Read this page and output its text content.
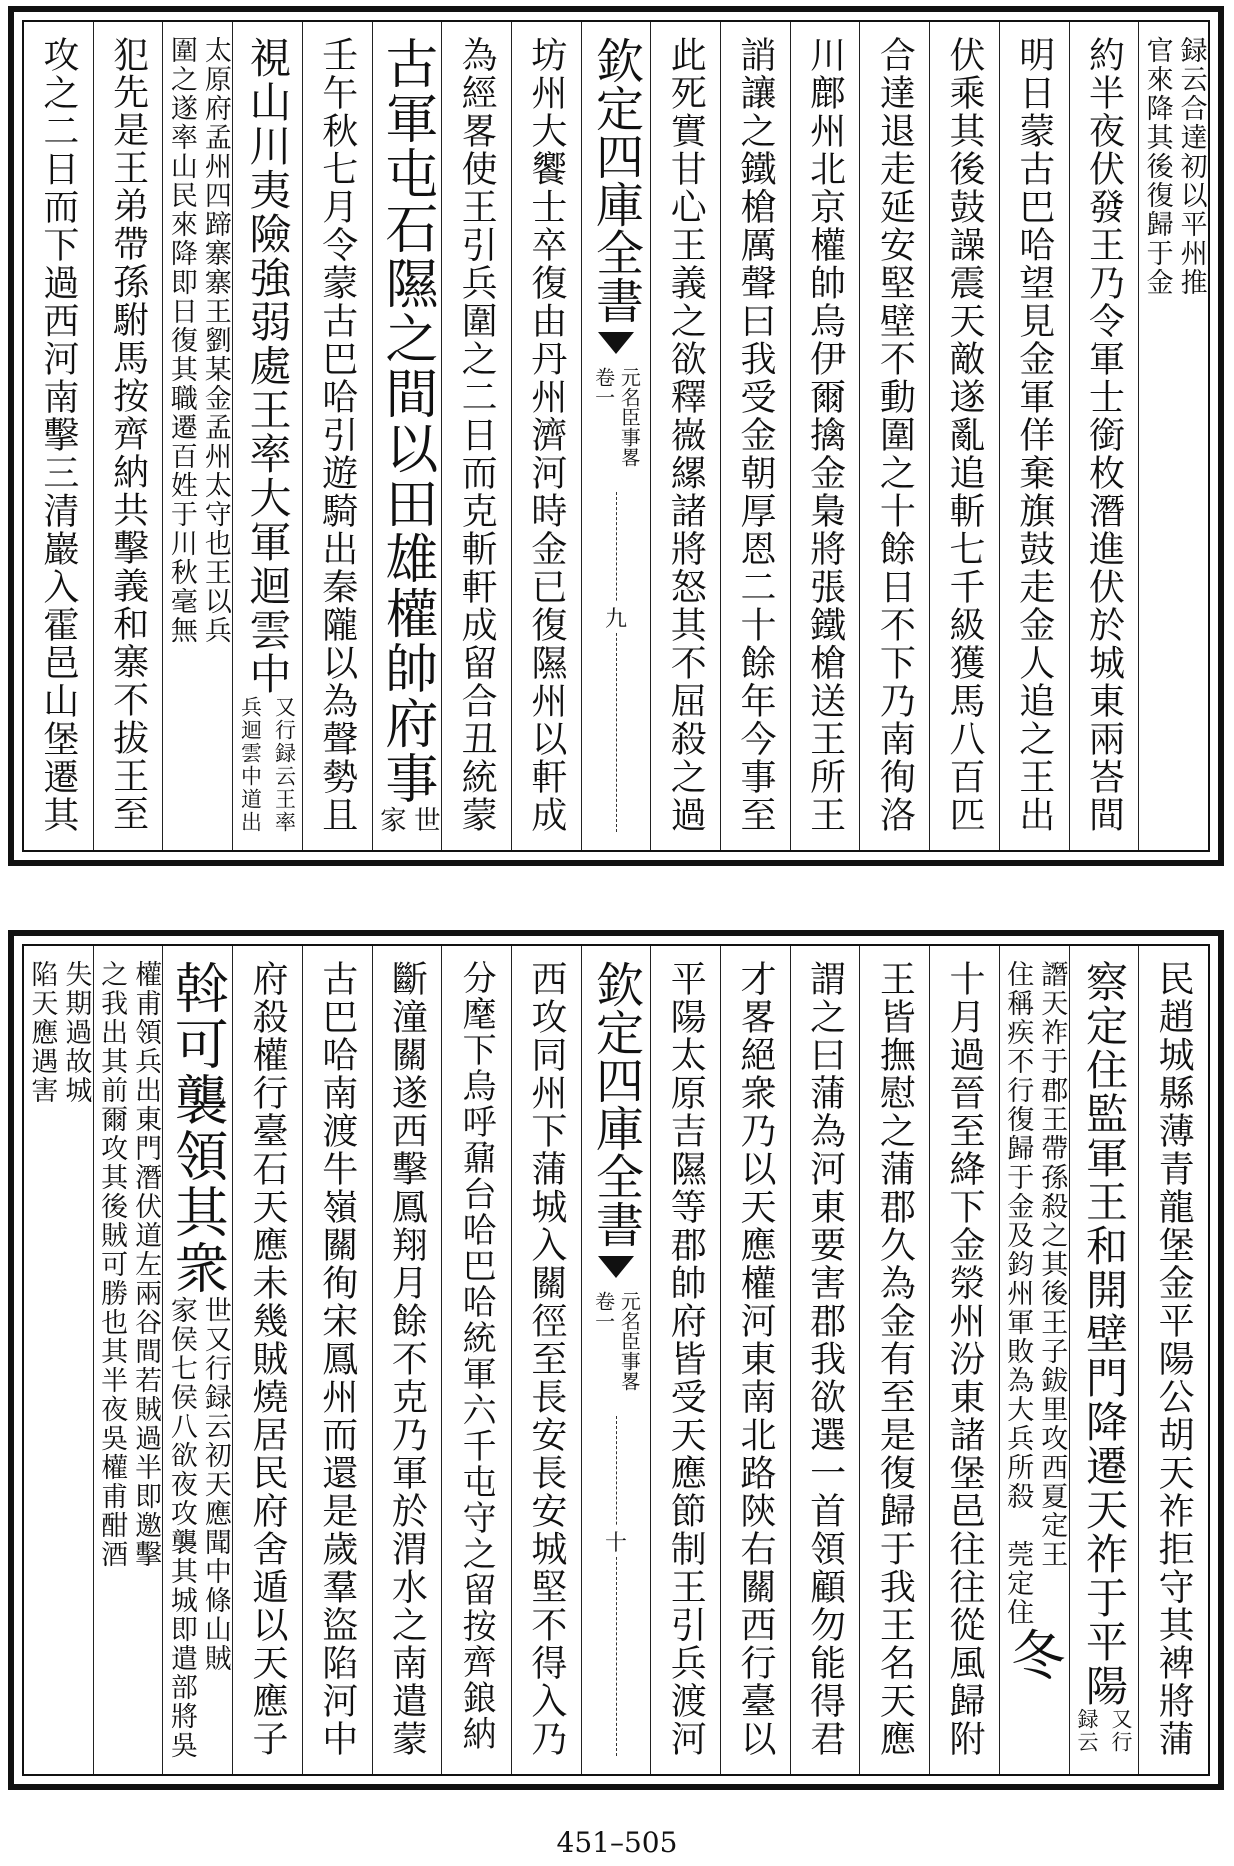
録云合達初以平州推
官來降其後復歸于金
約半夜伏發王乃令軍士銜枚潛進伏於城東兩峇間
明日蒙古巴哈望見金軍佯棄旗鼓走金人追之王出
伏乘其後鼓譟震天敵遂亂追斬七千級獲馬八百匹
合達退走延安堅壁不動圍之十餘日不下乃南徇洛
川鄜州北京權帥烏伊爾擒金梟將張鐵槍送王所王
誚讓之鐵槍厲聲曰我受金朝厚恩二十餘年今事至
此死實甘心王義之欲釋嶶縲諸將怒其不屈殺之過
欽定四庫全書
卷一 元名臣事畧
九
坊州大饗士卒復由丹州濟河時金已復隰州以軒成
為經畧使王引兵圍之二日而克斬軒成留合丑統蒙
古軍屯石隰之間以田雄權帥府事
世
家
壬午秋七月令蒙古巴哈引遊騎出秦隴以為聲勢且
視山川夷險強弱處王率大軍迴雲中
又行録云王率
兵迴雲中道出
太原府孟州四蹄寨寨王劉某金孟州太守也王以兵
圍之遂率山民來降即日復其職遷百姓于川秋毫無
犯
先是王弟帶孫駙馬按齊納共擊義和寨不拔王至
攻之二日而下過西河南擊三清巖入霍邑山堡遷其
民趙城縣薄青龍堡金平陽公胡天祚拒守其裨將蒲
察定住監軍王和開壁門降遷天祚于平陽
又行
録云
譖天祚于郡王帶孫殺之其後王子鈸里攻西夏定
住稱疾不行復歸于金及鈞州軍敗為大兵所殺
王
莞定住
冬
十月過晉至絳下金滎州汾東諸堡邑往往從風歸附
王皆撫慰之蒲郡久為金有至是復歸于我王名天應
謂之曰蒲為河東要害郡我欲選一首領顧勿能得君
才畧絕衆乃以天應權河東南北路陝右關西行臺以
平陽太原吉隰等郡帥府皆受天應節制王引兵渡河
欽定四庫全書
卷一 元名臣事畧
十
西攻同州下蒲城入關徑至長安長安城堅不得入乃
分麾下烏呼鼐台哈巴哈統軍六千屯守之留按齊鋃納
斷潼關遂西擊鳳翔月餘不克乃軍於渭水之南遣蒙
古巴哈南渡牛嶺關徇宋鳳州而還是歲羣盜陷河中
府殺權行臺石天應未幾賊燒居民府舍遁以天應子
斡可襲領其衆
世
家
又行録云初天應聞中條山賊
侯七侯八欲夜攻襲其城即遣部將吳
權甫領兵出東門潛伏道左兩谷間若賊過半即邀擊
之我出其前爾攻其後賊可勝也其半夜吳權甫酣酒
失期過故城
陷天應遇害
451–505
